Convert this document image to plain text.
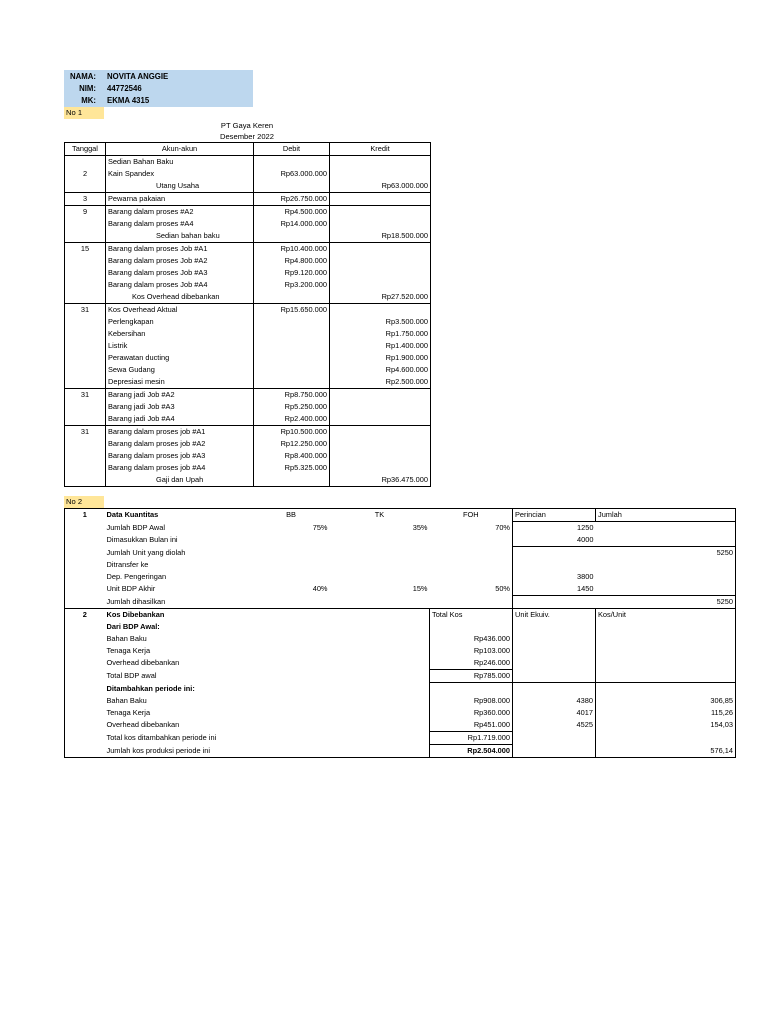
NAMA: NOVITA ANGGIE
NIM: 44772546
MK: EKMA 4315
No 1
PT Gaya Keren
Desember 2022
Tanggal	Akun-akun	Debit	Kredit
	Sedian Bahan Baku		
2	Kain Spandex	Rp63.000.000	
	Utang Usaha		Rp63.000.000
3	Pewarna pakaian	Rp26.750.000	
9	Barang dalam proses #A2	Rp4.500.000	
	Barang dalam proses #A4	Rp14.000.000	
	Sedian bahan baku		Rp18.500.000
15	Barang dalam proses Job #A1	Rp10.400.000	
	Barang dalam proses Job #A2	Rp4.800.000	
	Barang dalam proses Job #A3	Rp9.120.000	
	Barang dalam proses Job #A4	Rp3.200.000	
	Kos Overhead dibebankan		Rp27.520.000
31	Kos Overhead Aktual	Rp15.650.000	
	Perlengkapan		Rp3.500.000
	Kebersihan		Rp1.750.000
	Listrik		Rp1.400.000
	Perawatan ducting		Rp1.900.000
	Sewa Gudang		Rp4.600.000
	Depresiasi mesin		Rp2.500.000
31	Barang jadi Job #A2	Rp8.750.000	
	Barang jadi Job #A3	Rp5.250.000	
	Barang jadi Job #A4	Rp2.400.000	
31	Barang dalam proses job #A1	Rp10.500.000	
	Barang dalam proses job #A2	Rp12.250.000	
	Barang dalam proses job #A3	Rp8.400.000	
	Barang dalam proses job #A4	Rp5.325.000	
	Gaji dan Upah		Rp36.475.000
No 2
1	Data Kuantitas	BB	TK	FOH	Perincian	Jumlah
	Jumlah BDP Awal	75%	35%	70%	1250	
	Dimasukkan Bulan ini				4000	
	Jumlah Unit yang diolah					5250
	Ditransfer ke					
	Dep. Pengeringan				3800	
	Unit BDP Akhir	40%	15%	50%	1450	
	Jumlah dihasilkan					5250
2	Kos Dibebankan			Total Kos	Unit Ekuiv.	Kos/Unit
	Dari BDP Awal:					
	Bahan Baku			Rp436.000		
	Tenaga Kerja			Rp103.000		
	Overhead dibebankan			Rp246.000		
	Total BDP awal			Rp785.000		
	Ditambahkan periode ini:					
	Bahan Baku			Rp908.000	4380	306,85
	Tenaga Kerja			Rp360.000	4017	115,26
	Overhead dibebankan			Rp451.000	4525	154,03
	Total kos ditambahkan periode ini			Rp1.719.000		
	Jumlah kos produksi periode ini			Rp2.504.000		576,14
